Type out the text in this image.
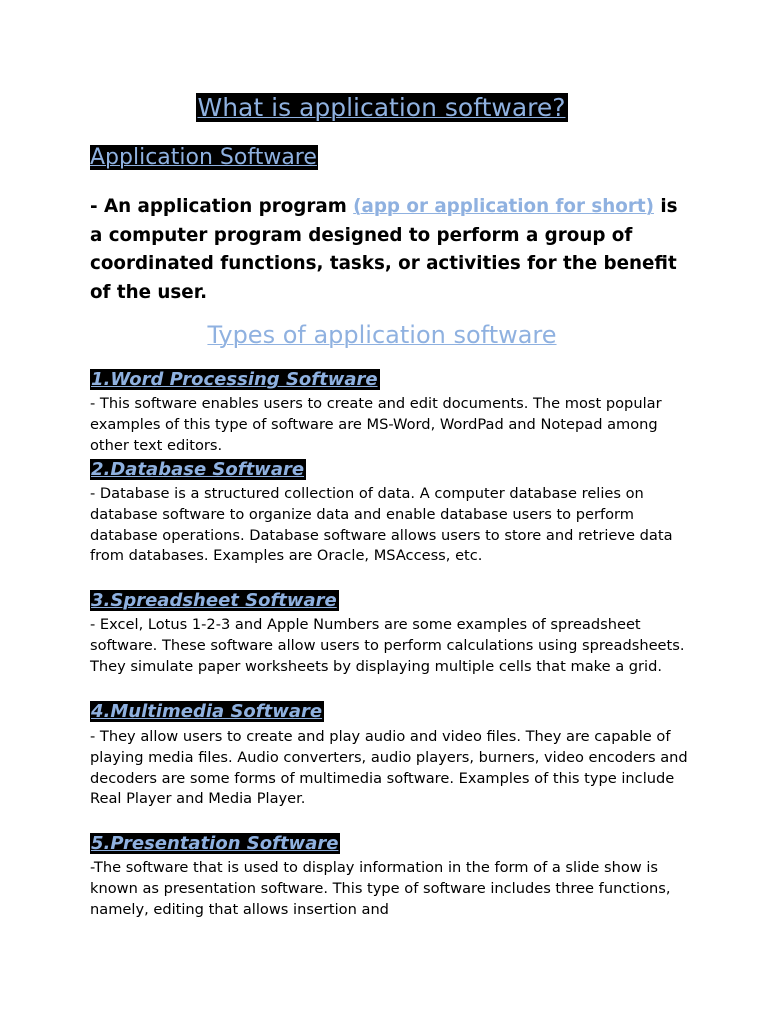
What is application software?
Application Software
- An application program (app or application for short) is a computer program designed to perform a group of coordinated functions, tasks, or activities for the benefit of the user.
Types of application software
1.Word Processing Software
- This software enables users to create and edit documents. The most popular examples of this type of software are MS-Word, WordPad and Notepad among other text editors.
2.Database Software
- Database is a structured collection of data. A computer database relies on database software to organize data and enable database users to perform database operations. Database software allows users to store and retrieve data from databases. Examples are Oracle, MSAccess, etc.
3.Spreadsheet Software
- Excel, Lotus 1-2-3 and Apple Numbers are some examples of spreadsheet software. These software allow users to perform calculations using spreadsheets. They simulate paper worksheets by displaying multiple cells that make a grid.
4.Multimedia Software
- They allow users to create and play audio and video files. They are capable of playing media files. Audio converters, audio players, burners, video encoders and decoders are some forms of multimedia software. Examples of this type include Real Player and Media Player.
5.Presentation Software
-The software that is used to display information in the form of a slide show is known as presentation software. This type of software includes three functions, namely, editing that allows insertion and
